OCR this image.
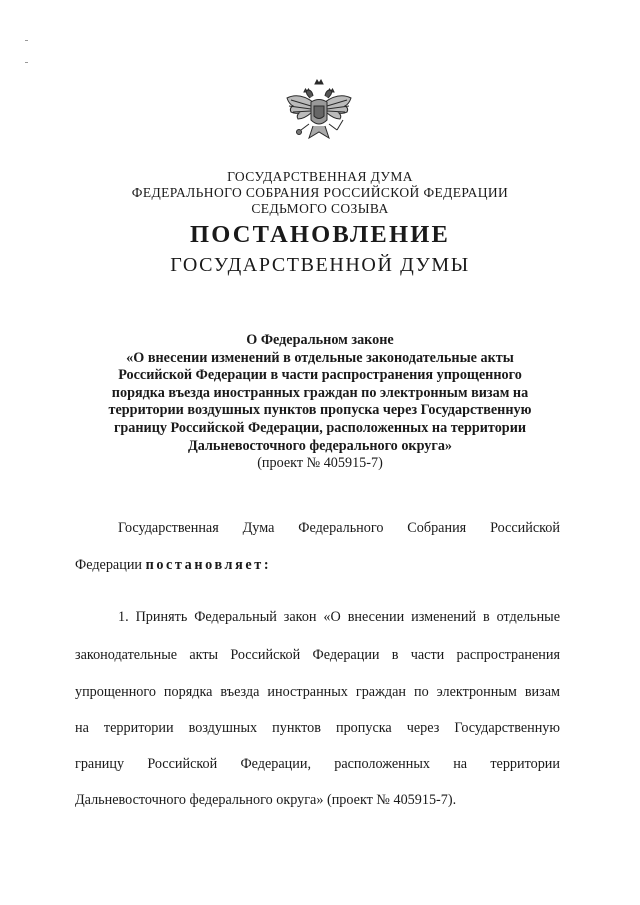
ГОСУДАРСТВЕННАЯ ДУМА
ФЕДЕРАЛЬНОГО СОБРАНИЯ РОССИЙСКОЙ ФЕДЕРАЦИИ
СЕДЬМОГО СОЗЫВА
ПОСТАНОВЛЕНИЕ
ГОСУДАРСТВЕННОЙ ДУМЫ
О Федеральном законе
«О внесении изменений в отдельные законодательные акты
Российской Федерации в части распространения упрощенного
порядка въезда иностранных граждан по электронным визам на
территории воздушных пунктов пропуска через Государственную
границу Российской Федерации, расположенных на территории
Дальневосточного федерального округа»
(проект № 405915-7)
Государственная Дума Федерального Собрания Российской
Федерации постановляет:
1. Принять Федеральный закон «О внесении изменений в отдельные
законодательные акты Российской Федерации в части распространения
упрощенного порядка въезда иностранных граждан по электронным визам
на территории воздушных пунктов пропуска через Государственную
границу Российской Федерации, расположенных на территории
Дальневосточного федерального округа» (проект № 405915-7).
